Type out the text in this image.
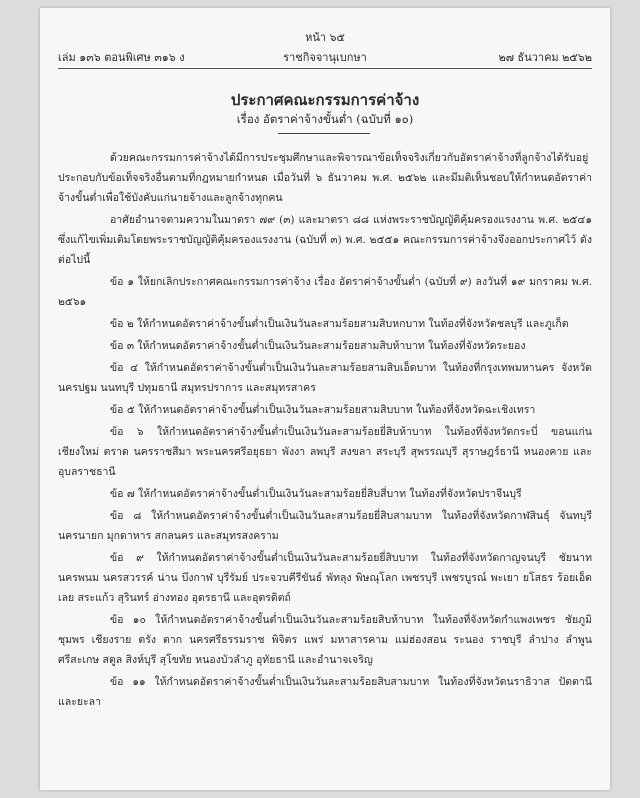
หน้า ๖๕
เล่ม ๑๓๖ ตอนพิเศษ ๓๑๖ ง	ราชกิจจานุเบกษา	๒๗ ธันวาคม ๒๕๖๒
ประกาศคณะกรรมการค่าจ้าง
เรื่อง อัตราค่าจ้างขั้นต่ำ (ฉบับที่ ๑๐)

ด้วยคณะกรรมการค่าจ้างได้มีการประชุมศึกษาและพิจารณาข้อเท็จจริงเกี่ยวกับอัตราค่าจ้างที่ลูกจ้างได้รับอยู่ ประกอบกับข้อเท็จจริงอื่นตามที่กฎหมายกำหนด เมื่อวันที่ ๖ ธันวาคม พ.ศ. ๒๕๖๒ และมีมติเห็นชอบให้กำหนดอัตราค่าจ้างขั้นต่ำเพื่อใช้บังคับแก่นายจ้างและลูกจ้างทุกคน

อาศัยอำนาจตามความในมาตรา ๗๙ (๓) และมาตรา ๘๘ แห่งพระราชบัญญัติคุ้มครองแรงงาน พ.ศ. ๒๕๔๑ ซึ่งแก้ไขเพิ่มเติมโดยพระราชบัญญัติคุ้มครองแรงงาน (ฉบับที่ ๓) พ.ศ. ๒๕๕๑ คณะกรรมการค่าจ้างจึงออกประกาศไว้ ดังต่อไปนี้

ข้อ ๑ ให้ยกเลิกประกาศคณะกรรมการค่าจ้าง เรื่อง อัตราค่าจ้างขั้นต่ำ (ฉบับที่ ๙) ลงวันที่ ๑๙ มกราคม พ.ศ. ๒๕๖๑

ข้อ ๒ ให้กำหนดอัตราค่าจ้างขั้นต่ำเป็นเงินวันละสามร้อยสามสิบหกบาท ในท้องที่จังหวัดชลบุรี และภูเก็ต

ข้อ ๓ ให้กำหนดอัตราค่าจ้างขั้นต่ำเป็นเงินวันละสามร้อยสามสิบห้าบาท ในท้องที่จังหวัดระยอง

ข้อ ๔ ให้กำหนดอัตราค่าจ้างขั้นต่ำเป็นเงินวันละสามร้อยสามสิบเอ็ดบาท ในท้องที่กรุงเทพมหานคร จังหวัดนครปฐม นนทบุรี ปทุมธานี สมุทรปราการ และสมุทรสาคร

ข้อ ๕ ให้กำหนดอัตราค่าจ้างขั้นต่ำเป็นเงินวันละสามร้อยสามสิบบาท ในท้องที่จังหวัดฉะเชิงเทรา

ข้อ ๖ ให้กำหนดอัตราค่าจ้างขั้นต่ำเป็นเงินวันละสามร้อยยี่สิบห้าบาท ในท้องที่จังหวัดกระบี่ ขอนแก่น เชียงใหม่ ตราด นครราชสีมา พระนครศรีอยุธยา พังงา ลพบุรี สงขลา สระบุรี สุพรรณบุรี สุราษฎร์ธานี หนองคาย และอุบลราชธานี

ข้อ ๗ ให้กำหนดอัตราค่าจ้างขั้นต่ำเป็นเงินวันละสามร้อยยี่สิบสี่บาท ในท้องที่จังหวัดปราจีนบุรี

ข้อ ๘ ให้กำหนดอัตราค่าจ้างขั้นต่ำเป็นเงินวันละสามร้อยยี่สิบสามบาท ในท้องที่จังหวัดกาฬสินธุ์ จันทบุรี นครนายก มุกดาหาร สกลนคร และสมุทรสงคราม

ข้อ ๙ ให้กำหนดอัตราค่าจ้างขั้นต่ำเป็นเงินวันละสามร้อยยี่สิบบาท ในท้องที่จังหวัดกาญจนบุรี ชัยนาท นครพนม นครสวรรค์ น่าน บึงกาฬ บุรีรัมย์ ประจวบคีรีขันธ์ พัทลุง พิษณุโลก เพชรบุรี เพชรบูรณ์ พะเยา ยโสธร ร้อยเอ็ด เลย สระแก้ว สุรินทร์ อ่างทอง อุดรธานี และอุตรดิตถ์

ข้อ ๑๐ ให้กำหนดอัตราค่าจ้างขั้นต่ำเป็นเงินวันละสามร้อยสิบห้าบาท ในท้องที่จังหวัดกำแพงเพชร ชัยภูมิ ชุมพร เชียงราย ตรัง ตาก นครศรีธรรมราช พิจิตร แพร่ มหาสารคาม แม่ฮ่องสอน ระนอง ราชบุรี ลำปาง ลำพูน ศรีสะเกษ สตูล สิงห์บุรี สุโขทัย หนองบัวลำภู อุทัยธานี และอำนาจเจริญ

ข้อ ๑๑ ให้กำหนดอัตราค่าจ้างขั้นต่ำเป็นเงินวันละสามร้อยสิบสามบาท ในท้องที่จังหวัดนราธิวาส ปัตตานี และยะลา
